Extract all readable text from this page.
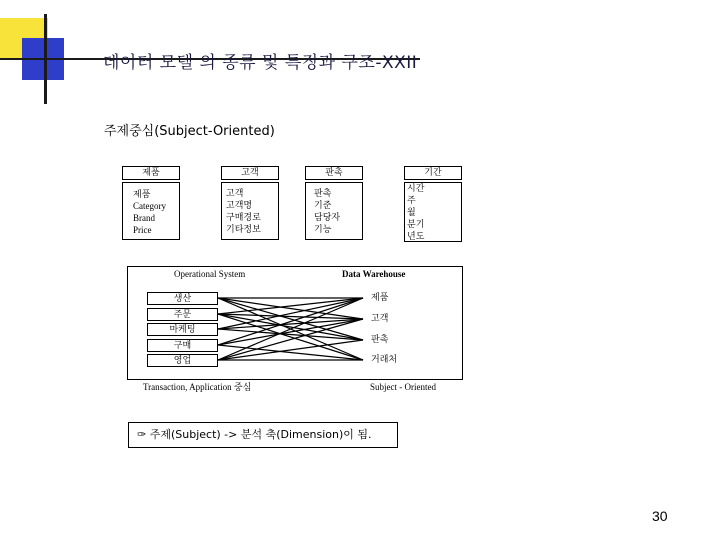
데이터 모델 의 종류 및 특징과 구조-XXII
주제중심(Subject-Oriented)
제품	고객	판촉	기간
제품
Category
Brand
Price
고객
고객명
구매경로
기타정보
판촉
기준
담당자
기능
시간
주
월
분기
년도
Operational System	Data Warehouse
생산
주문
마케팅
구매
영업
제품
고객
판촉
거래처
Transaction, Application 중심	Subject - Oriented
✑ 주제(Subject) -> 분석 축(Dimension)이 됨.
30
